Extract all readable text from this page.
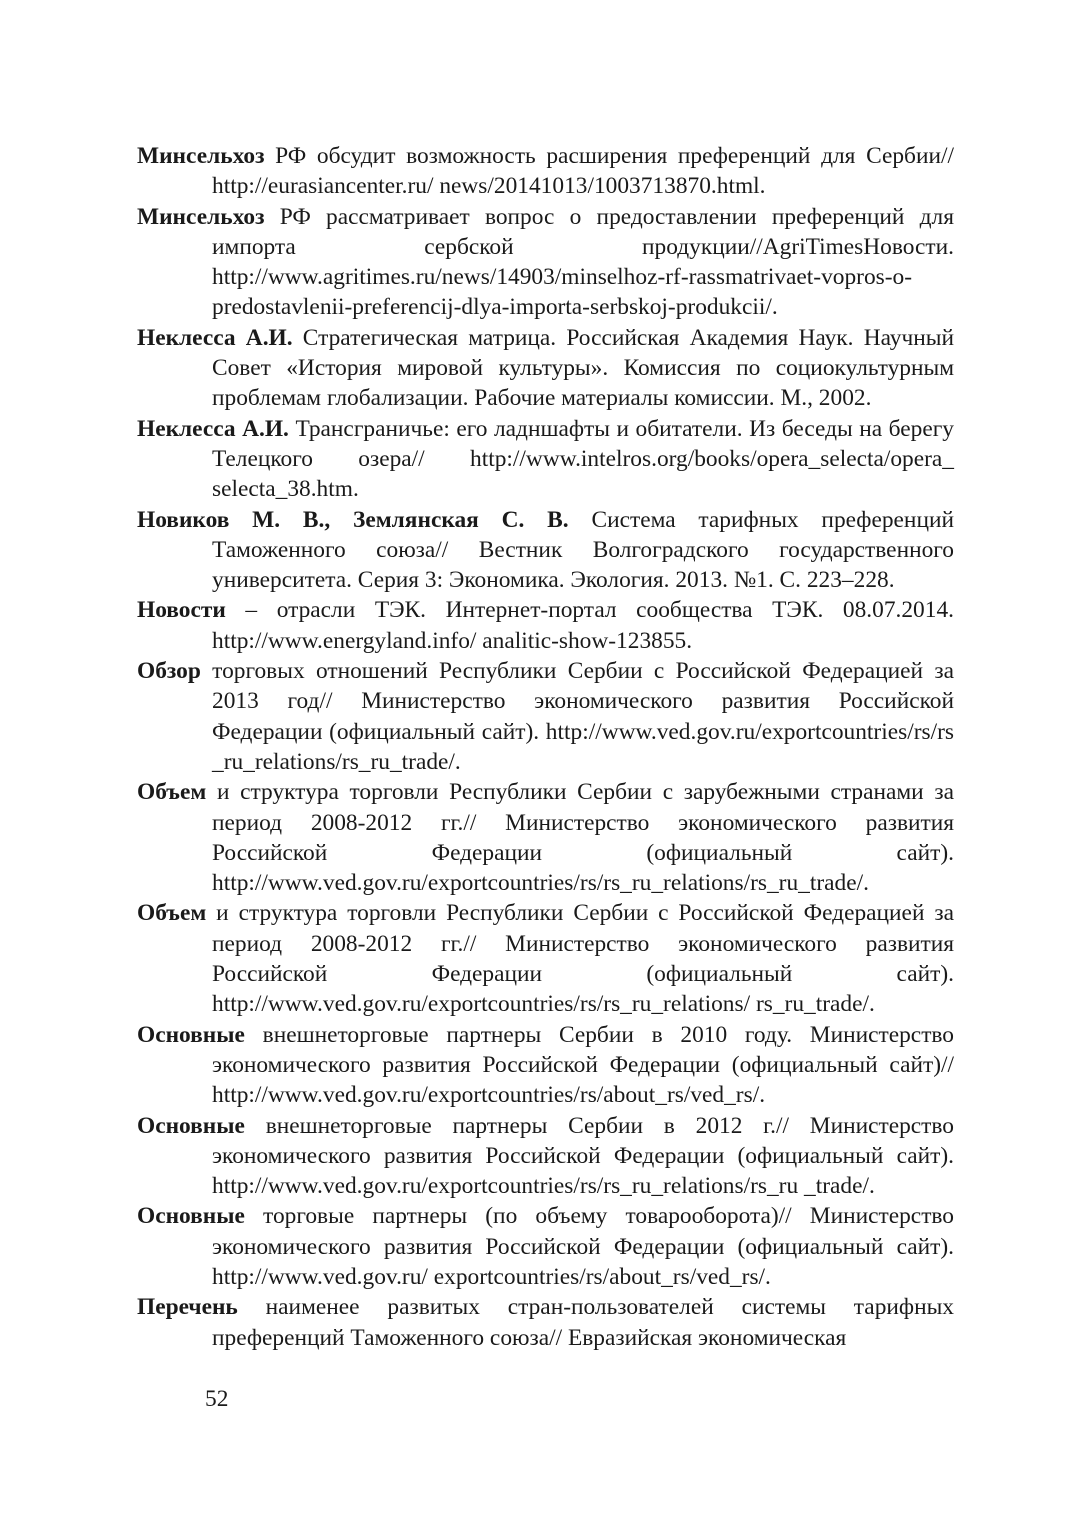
Минсельхоз РФ обсудит возможность расширения преференций для Сербии// http://eurasiancenter.ru/ news/20141013/1003713870.html.
Минсельхоз РФ рассматривает вопрос о предоставлении преференций для импорта сербской продукции//AgriTimesНовости. http://www.agritimes.ru/news/14903/minselhoz-rf-rassmatrivaet-vopros-o-predostavlenii-preferencij-dlya-importa-serbskoj-produkcii/.
Неклесса А.И. Стратегическая матрица. Российская Академия Наук. Научный Совет «История мировой культуры». Комиссия по социокультурным проблемам глобализации. Рабочие материалы комиссии. М., 2002.
Неклесса А.И. Трансграничье: его ладншафты и обитатели. Из беседы на берегу Телецкого озера// http://www.intelros.org/books/opera_selecta/opera_ selecta_38.htm.
Новиков М. В., Землянская С. В. Система тарифных преференций Таможенного союза// Вестник Волгоградского государственного университета. Серия 3: Экономика. Экология. 2013. №1. С. 223–228.
Новости – отрасли ТЭК. Интернет-портал сообщества ТЭК. 08.07.2014. http://www.energyland.info/ analitic-show-123855.
Обзор торговых отношений Республики Сербии с Российской Федерацией за 2013 год// Министерство экономического развития Российской Федерации (официальный сайт). http://www.ved.gov.ru/exportcountries/rs/rs _ru_relations/rs_ru_trade/.
Объем и структура торговли Республики Сербии с зарубежными странами за период 2008-2012 гг.// Министерство экономического развития Российской Федерации (официальный сайт). http://www.ved.gov.ru/exportcountries/rs/rs_ru_relations/rs_ru_trade/.
Объем и структура торговли Республики Сербии с Российской Федерацией за период 2008-2012 гг.// Министерство экономического развития Российской Федерации (официальный сайт). http://www.ved.gov.ru/exportcountries/rs/rs_ru_relations/ rs_ru_trade/.
Основные внешнеторговые партнеры Сербии в 2010 году. Министерство экономического развития Российской Федерации (официальный сайт)// http://www.ved.gov.ru/exportcountries/rs/about_rs/ved_rs/.
Основные внешнеторговые партнеры Сербии в 2012 г.// Министерство экономического развития Российской Федерации (официальный сайт). http://www.ved.gov.ru/exportcountries/rs/rs_ru_relations/rs_ru _trade/.
Основные торговые партнеры (по объему товарооборота)// Министерство экономического развития Российской Федерации (официальный сайт). http://www.ved.gov.ru/ exportcountries/rs/about_rs/ved_rs/.
Перечень наименее развитых стран-пользователей системы тарифных преференций Таможенного союза// Евразийская экономическая
52
